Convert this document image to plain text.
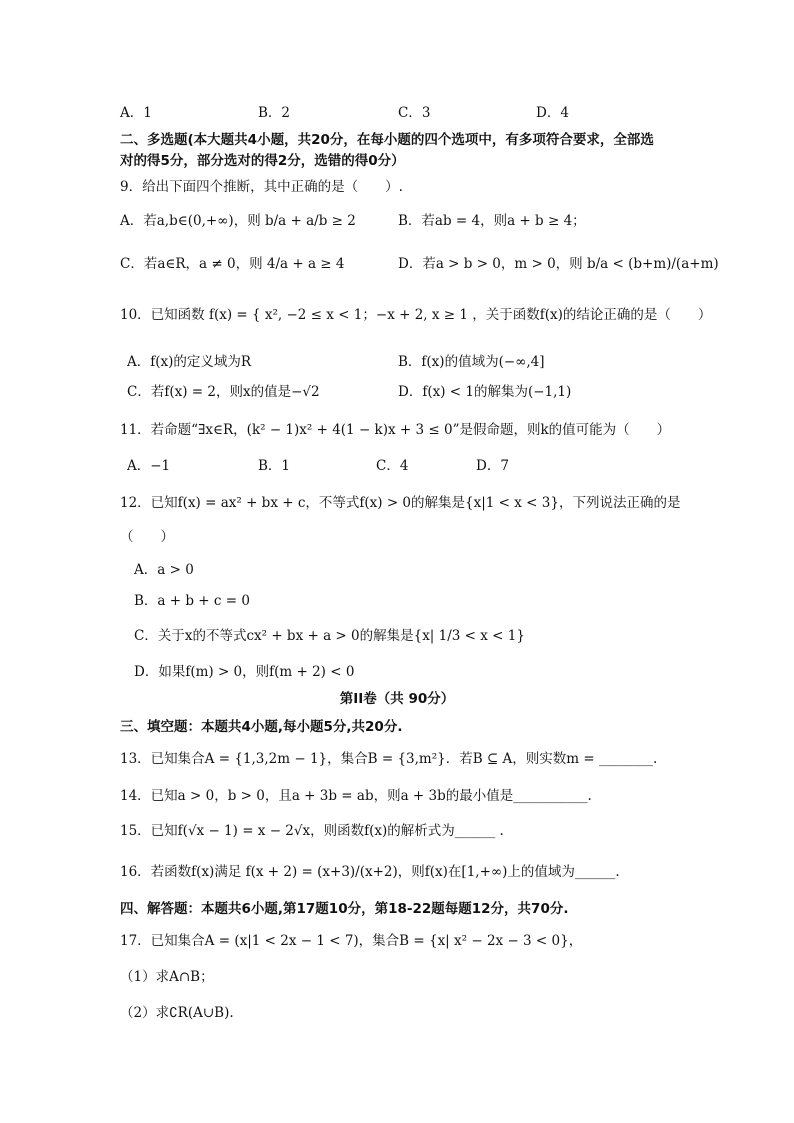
A．1	B．2	C．3	D．4
二、多选题(本大题共4小题，共20分，在每小题的四个选项中，有多项符合要求，全部选
对的得5分，部分选对的得2分，选错的得0分）
9．给出下面四个推断，其中正确的是（　　）.
A．若a,b∈(0,+∞)，则 b/a + a/b ≥ 2	B．若ab = 4，则a + b ≥ 4；
C．若a∈R，a ≠ 0，则 4/a + a ≥ 4	D．若a > b > 0，m > 0，则 b/a < (b+m)/(a+m)
10．已知函数 f(x) = { x², −2 ≤ x < 1；−x + 2, x ≥ 1 ，关于函数f(x)的结论正确的是（　　）
A．f(x)的定义域为R	B．f(x)的值域为(−∞,4]
C．若f(x) = 2，则x的值是−√2	D．f(x) < 1的解集为(−1,1)
11．若命题“∃x∈R，(k² − 1)x² + 4(1 − k)x + 3 ≤ 0”是假命题，则k的值可能为（　　）
A．−1	B．1	C．4	D．7
12．已知f(x) = ax² + bx + c，不等式f(x) > 0的解集是{x|1 < x < 3}，下列说法正确的是
（　　）
A．a > 0
B．a + b + c = 0
C．关于x的不等式cx² + bx + a > 0的解集是{x| 1/3 < x < 1}
D．如果f(m) > 0，则f(m + 2) < 0
第II卷（共 90分）
三、填空题：本题共4小题,每小题5分,共20分.
13．已知集合A = {1,3,2m − 1}，集合B = {3,m²}．若B ⊆ A，则实数m = ________.
14．已知a > 0，b > 0，且a + 3b = ab，则a + 3b的最小值是___________.
15．已知f(√x − 1) = x − 2√x，则函数f(x)的解析式为______ .
16．若函数f(x)满足 f(x + 2) = (x+3)/(x+2)，则f(x)在[1,+∞)上的值域为______.
四、解答题：本题共6小题,第17题10分，第18-22题每题12分，共70分.
17．已知集合A = (x|1 < 2x − 1 < 7)，集合B = {x| x² − 2x − 3 < 0}，
（1）求A∩B；
（2）求∁R(A∪B).
